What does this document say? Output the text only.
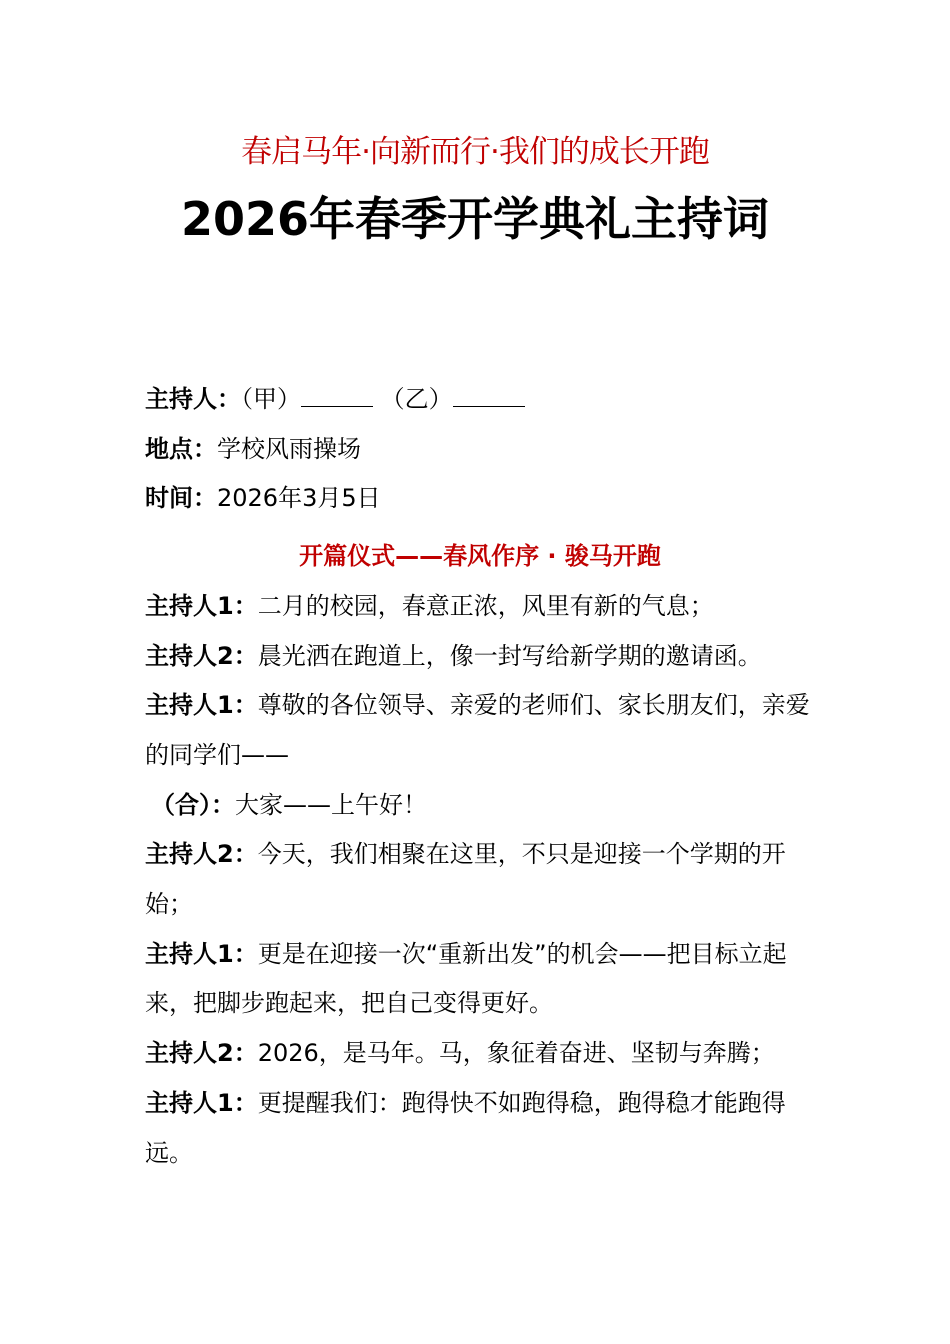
春启马年·向新而行·我们的成长开跑
2026年春季开学典礼主持词
主持人：（甲）	（乙）
地点：学校风雨操场
时间：2026年3月5日
开篇仪式——春风作序 · 骏马开跑
主持人1：二月的校园，春意正浓，风里有新的气息；
主持人2：晨光洒在跑道上，像一封写给新学期的邀请函。
主持人1：尊敬的各位领导、亲爱的老师们、家长朋友们，亲爱的同学们——
（合）：大家——上午好！
主持人2：今天，我们相聚在这里，不只是迎接一个学期的开始；
主持人1：更是在迎接一次“重新出发”的机会——把目标立起来，把脚步跑起来，把自己变得更好。
主持人2：2026，是马年。马，象征着奋进、坚韧与奔腾；
主持人1：更提醒我们：跑得快不如跑得稳，跑得稳才能跑得远。
